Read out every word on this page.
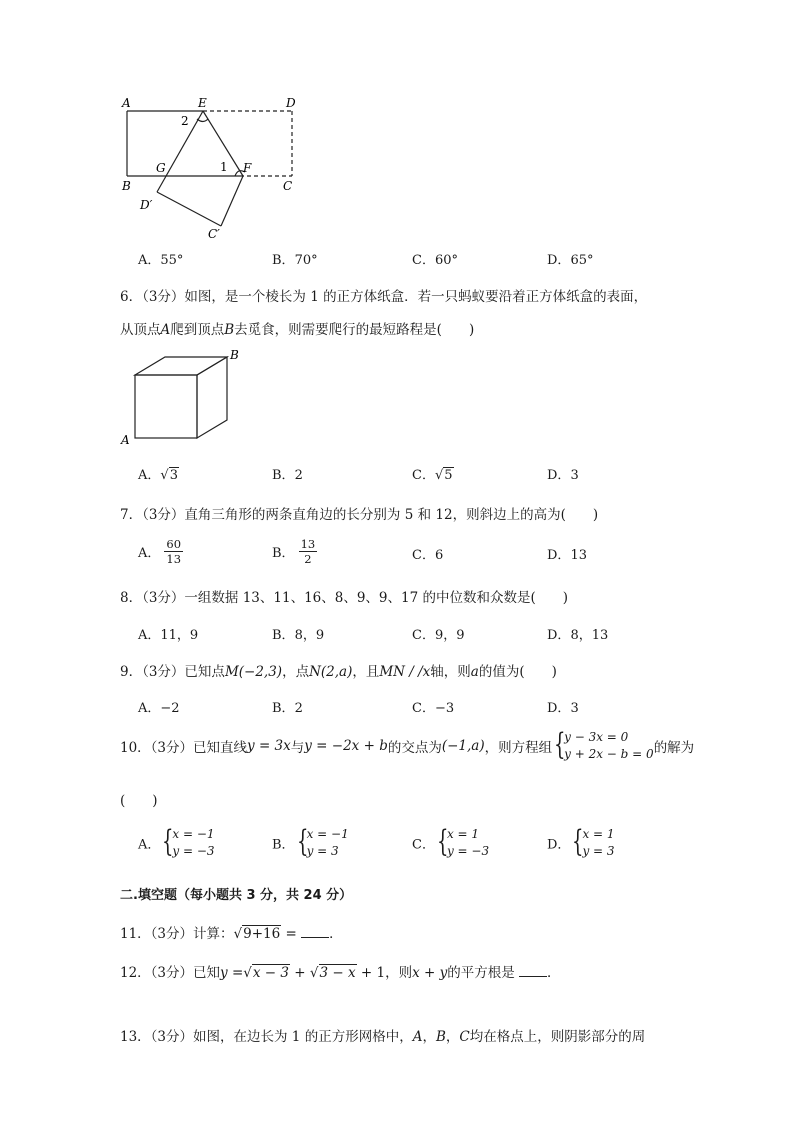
A	E	D
2
G	1 F
B	C
D′
C′
A．55°	B．70°	C．60°	D．65°
6．（3分）如图，是一个棱长为 1 的正方体纸盒．若一只蚂蚁要沿着正方体纸盒的表面，
从顶点A爬到顶点B去觅食，则需要爬行的最短路程是(　　)
B
A
A．√3	B．2	C．√5	D．3
7．（3分）直角三角形的两条直角边的长分别为 5 和 12，则斜边上的高为(　　)
A． $\frac{60}{13}$	B． $\frac{13}{2}$	C．6	D．13
8．（3分）一组数据 13、11、16、8、9、9、17 的中位数和众数是(　　)
A．11，9	B．8，9	C．9，9	D．8，13
9．（3分）已知点M(−2,3)，点N(2,a)，且MN / /x轴，则a的值为(　　)
A．−2	B．2	C．−3	D．3
10．（3分）已知直线y = 3x与y = −2x + b的交点为(−1,a)，则方程组 {
y − 3x = 0
y + 2x − b = 0 的解为
(　　)
A． {
x = −1
y = −3	B． {
x = −1
y = 3	C． {
x = 1
y = −3	D． {
x = 1
y = 3
二.填空题（每小题共 3 分，共 24 分）
11．（3分）计算：√9+16 = ．
12．（3分）已知y =√x − 3 + √3 − x + 1，则x + y的平方根是 ．
13．（3分）如图，在边长为 1 的正方形网格中，A，B，C均在格点上，则阴影部分的周
